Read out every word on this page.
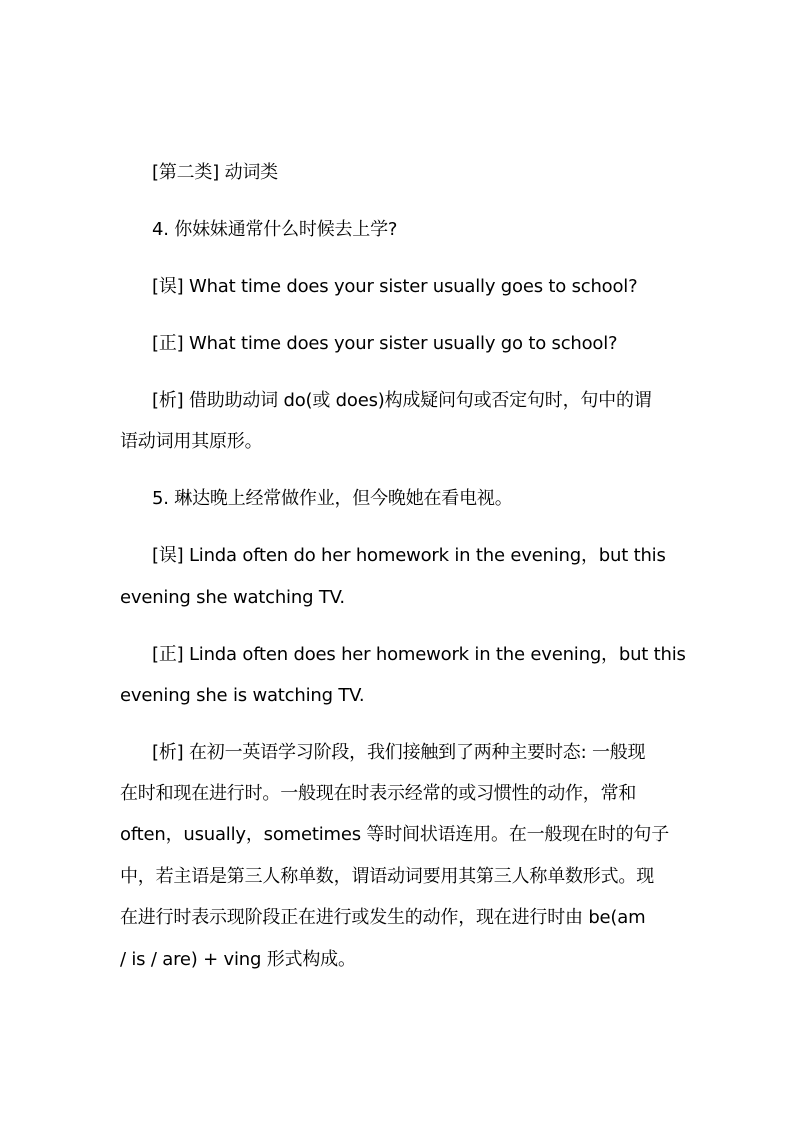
[第二类] 动词类
4. 你妹妹通常什么时候去上学?
[误] What time does your sister usually goes to school?
[正] What time does your sister usually go to school?
[析] 借助助动词 do(或 does)构成疑问句或否定句时，句中的谓
语动词用其原形。
5. 琳达晚上经常做作业，但今晚她在看电视。
[误] Linda often do her homework in the evening，but this
evening she watching TV.
[正] Linda often does her homework in the evening，but this
evening she is watching TV.
[析] 在初一英语学习阶段，我们接触到了两种主要时态: 一般现
在时和现在进行时。一般现在时表示经常的或习惯性的动作，常和
often，usually，sometimes 等时间状语连用。在一般现在时的句子
中，若主语是第三人称单数，谓语动词要用其第三人称单数形式。现
在进行时表示现阶段正在进行或发生的动作，现在进行时由 be(am
/ is / are) + ving 形式构成。
